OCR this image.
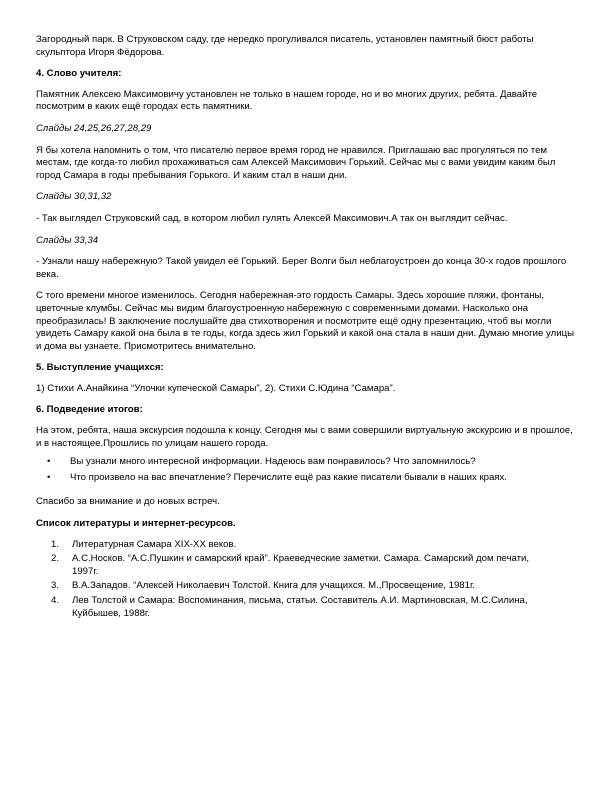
Загородный парк. В Струковском саду, где нередко прогуливался писатель, установлен памятный бюст работы скульптора Игоря Фёдорова.

4. Слово учителя:

Памятник Алексею Максимовичу установлен не только в нашем городе, но и во многих других, ребята. Давайте посмотрим в каких ещё городах есть памятники.

Слайды 24,25,26,27,28,29

Я бы хотела напомнить о том, что писателю первое время город не нравился. Приглашаю вас прогуляться по тем местам, где когда-то любил прохаживаться сам Алексей Максимович Горький. Сейчас мы с вами увидим каким был город Самара в годы пребывания Горького. И каким стал в наши дни.

Слайды 30,31,32

- Так выглядел Струковский сад, в котором любил гулять Алексей Максимович.А так он выглядит сейчас.

Слайды 33,34

- Узнали нашу набережную? Такой увидел её Горький. Берег Волги был неблагоустроен до конца 30-х годов прошлого века.

С того времени многое изменилось. Сегодня набережная-это гордость Самары. Здесь хорошие пляжи, фонтаны, цветочные клумбы. Сейчас мы видим благоустроенную набережную с современными домами. Насколько она преобразилась! В заключение послушайте два стихотворения и посмотрите ещё одну презентацию, чтоб вы могли увидеть Самару какой она была в те годы, когда здесь жил Горький и какой она стала в наши дни. Думаю многие улицы и дома вы узнаете. Присмотритесь внимательно.

5. Выступление учащихся:

1) Стихи А.Анайкина “Улочки купеческой Самары”, 2). Стихи С.Юдина “Самара”.

6. Подведение итогов:

На этом, ребята, наша экскурсия подошла к концу. Сегодня мы с вами совершили виртуальную экскурсию и в прошлое, и в настоящее.Прошлись по улицам нашего города.

• Вы узнали много интересной информации. Надеюсь вам понравилось? Что запомнилось?
• Что произвело на вас впечатление? Перечислите ещё раз какие писатели бывали в наших краях.

Спасибо за внимание и до новых встреч.

Список литературы и интернет-ресурсов.
1. Литературная Самара XIX-XX веков.
2. А.С.Носков. “А.С.Пушкин и самарский край”. Краеведческие заметки. Самара. Самарский дом печати, 1997г.
3. В.А.Западов. “Алексей Николаевич Толстой. Книга для учащихся. М.,Просвещение, 1981г.
4. Лев Толстой и Самара: Воспоминания, письма, статьи. Составитель А.И. Мартиновская, М.С.Силина, Куйбышев, 1988г.
